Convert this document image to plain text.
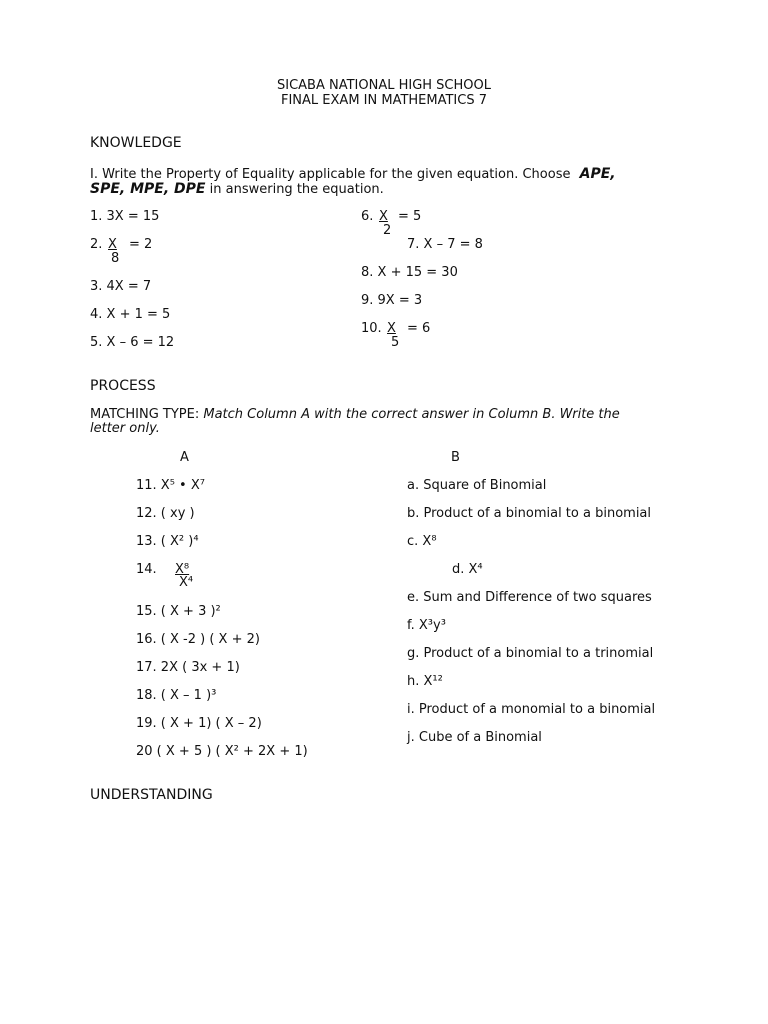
SICABA NATIONAL HIGH SCHOOL
FINAL EXAM IN MATHEMATICS 7
KNOWLEDGE
I. Write the Property of Equality applicable for the given equation. Choose APE,
SPE, MPE, DPE in answering the equation.
1. 3X = 15
2. X = 2
8
3. 4X = 7
4. X + 1 = 5
5. X – 6 = 12
6. X = 5
2
7. X – 7 = 8
8. X + 15 = 30
9. 9X = 3
10. X = 6
5
PROCESS
MATCHING TYPE: Match Column A with the correct answer in Column B. Write the
letter only.
A	B
11. X⁵ • X⁷
12. ( xy )
13. ( X² )⁴
14. X⁸
X⁴
15. ( X + 3 )²
16. ( X -2 ) ( X + 2)
17. 2X ( 3x + 1)
18. ( X – 1 )³
19. ( X + 1) ( X – 2)
20 ( X + 5 ) ( X² + 2X + 1)
a. Square of Binomial
b. Product of a binomial to a binomial
c. X⁸
d. X⁴
e. Sum and Difference of two squares
f. X³y³
g. Product of a binomial to a trinomial
h. X¹²
i. Product of a monomial to a binomial
j. Cube of a Binomial
UNDERSTANDING
